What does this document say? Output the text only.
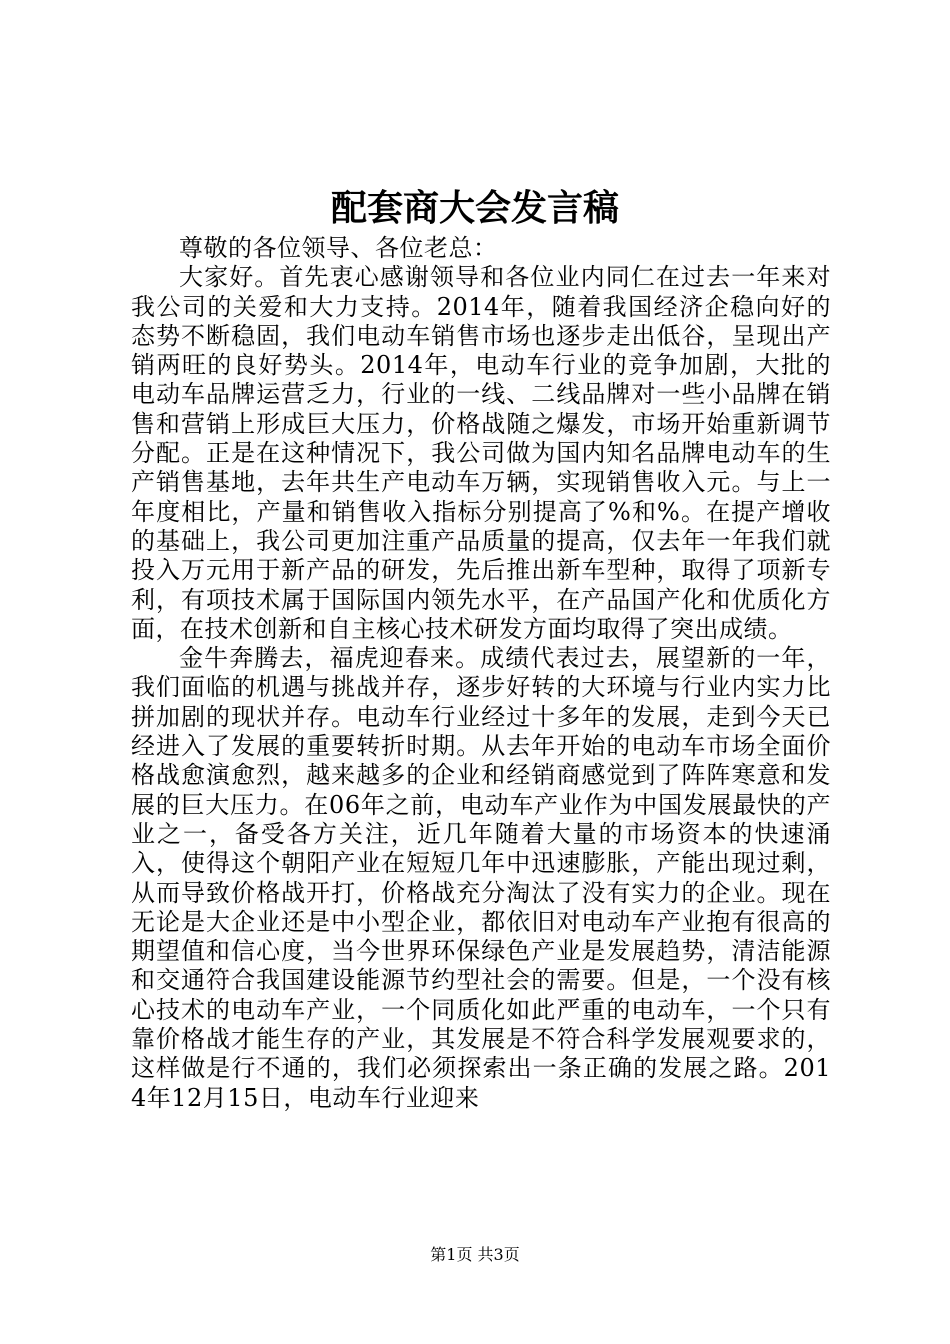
配套商大会发言稿

尊敬的各位领导、各位老总：

大家好。首先衷心感谢领导和各位业内同仁在过去一年来对我公司的关爱和大力支持。2014年，随着我国经济企稳向好的态势不断稳固，我们电动车销售市场也逐步走出低谷，呈现出产销两旺的良好势头。2014年，电动车行业的竞争加剧，大批的电动车品牌运营乏力，行业的一线、二线品牌对一些小品牌在销售和营销上形成巨大压力，价格战随之爆发，市场开始重新调节分配。正是在这种情况下，我公司做为国内知名品牌电动车的生产销售基地，去年共生产电动车万辆，实现销售收入元。与上一年度相比，产量和销售收入指标分别提高了%和%。在提产增收的基础上，我公司更加注重产品质量的提高，仅去年一年我们就投入万元用于新产品的研发，先后推出新车型种，取得了项新专利，有项技术属于国际国内领先水平，在产品国产化和优质化方面，在技术创新和自主核心技术研发方面均取得了突出成绩。

金牛奔腾去，福虎迎春来。成绩代表过去，展望新的一年，我们面临的机遇与挑战并存，逐步好转的大环境与行业内实力比拼加剧的现状并存。电动车行业经过十多年的发展，走到今天已经进入了发展的重要转折时期。从去年开始的电动车市场全面价格战愈演愈烈，越来越多的企业和经销商感觉到了阵阵寒意和发展的巨大压力。在06年之前，电动车产业作为中国发展最快的产业之一，备受各方关注，近几年随着大量的市场资本的快速涌入，使得这个朝阳产业在短短几年中迅速膨胀，产能出现过剩，从而导致价格战开打，价格战充分淘汰了没有实力的企业。现在无论是大企业还是中小型企业，都依旧对电动车产业抱有很高的期望值和信心度，当今世界环保绿色产业是发展趋势，清洁能源和交通符合我国建设能源节约型社会的需要。但是，一个没有核心技术的电动车产业，一个同质化如此严重的电动车，一个只有靠价格战才能生存的产业，其发展是不符合科学发展观要求的，这样做是行不通的，我们必须探索出一条正确的发展之路。2014年12月15日，电动车行业迎来

第1页 共3页
